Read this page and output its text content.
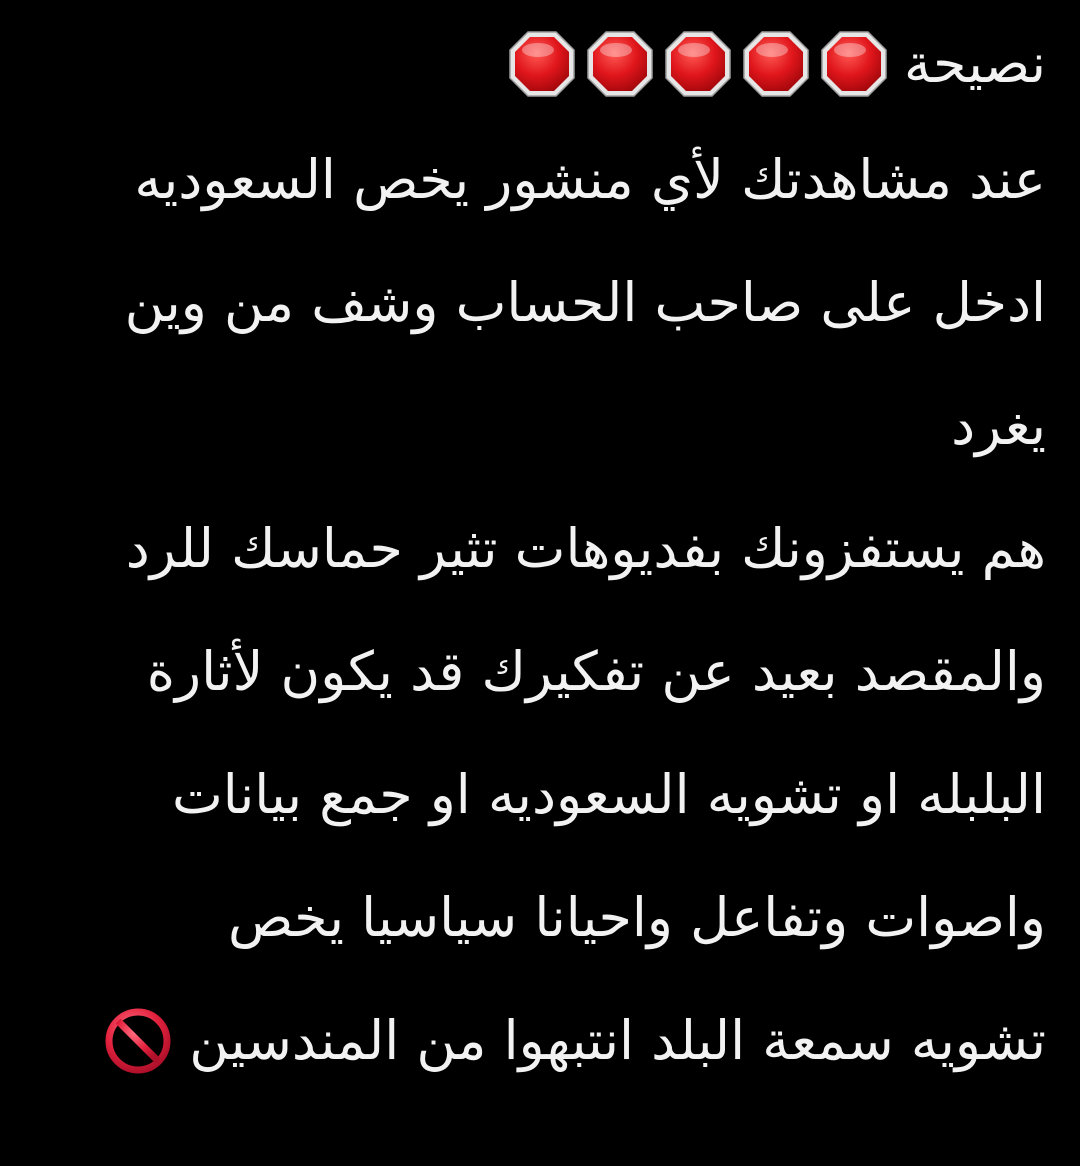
نصيحة
عند مشاهدتك لأي منشور يخص السعوديه
ادخل على صاحب الحساب وشف من وين
يغرد
هم يستفزونك بفديوهات تثير حماسك للرد
والمقصد بعيد عن تفكيرك قد يكون لأثارة
البلبله او تشويه السعوديه او جمع بيانات
واصوات وتفاعل واحيانا سياسيا يخص
تشويه سمعة البلد انتبهوا من المندسين
